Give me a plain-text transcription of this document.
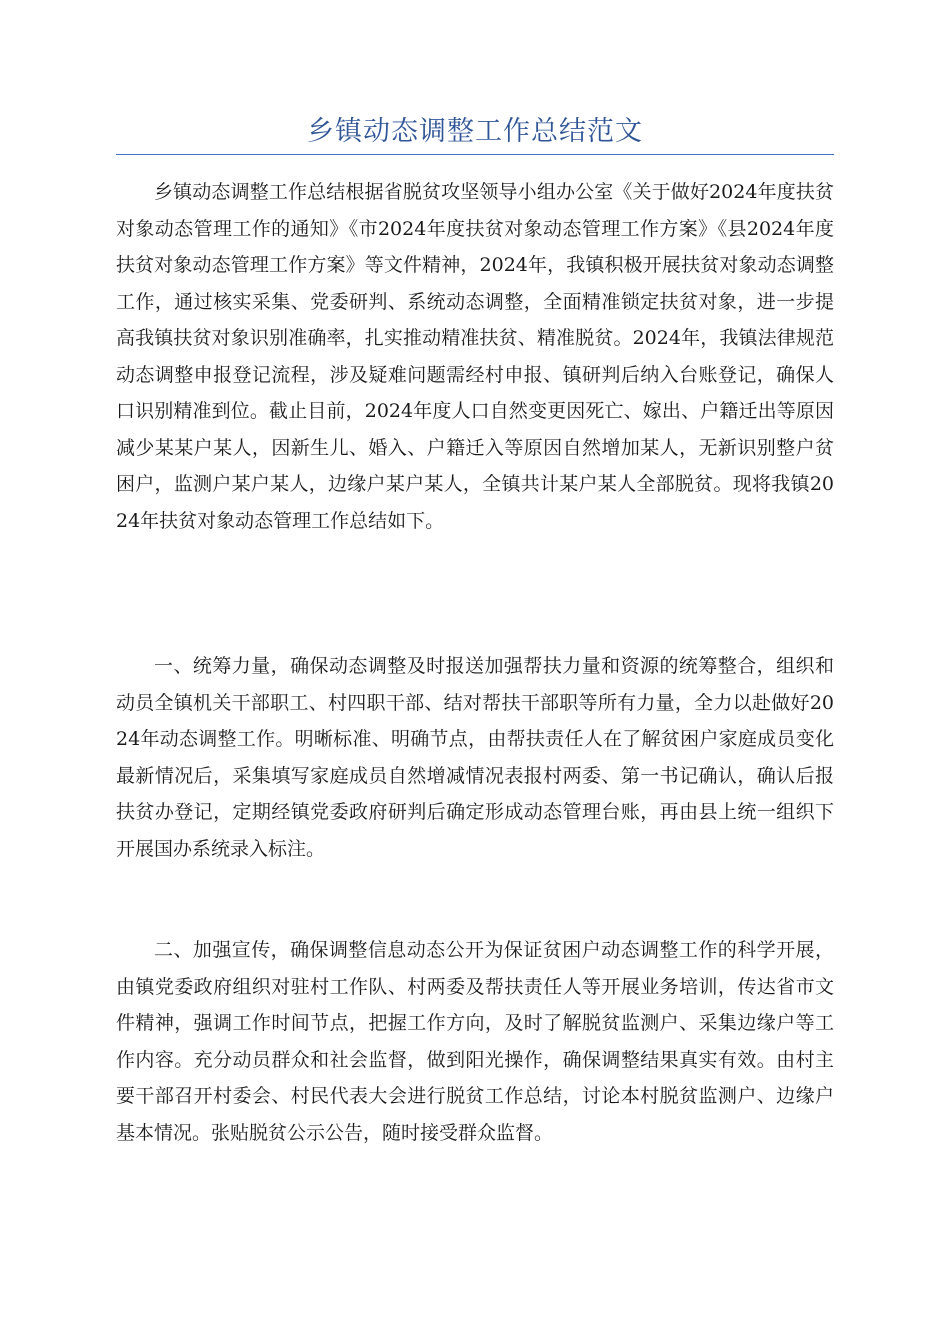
乡镇动态调整工作总结范文

乡镇动态调整工作总结根据省脱贫攻坚领导小组办公室《关于做好2024年度扶贫对象动态管理工作的通知》《市2024年度扶贫对象动态管理工作方案》《县2024年度扶贫对象动态管理工作方案》等文件精神，2024年，我镇积极开展扶贫对象动态调整工作，通过核实采集、党委研判、系统动态调整，全面精准锁定扶贫对象，进一步提高我镇扶贫对象识别准确率，扎实推动精准扶贫、精准脱贫。2024年，我镇法律规范动态调整申报登记流程，涉及疑难问题需经村申报、镇研判后纳入台账登记，确保人口识别精准到位。截止目前，2024年度人口自然变更因死亡、嫁出、户籍迁出等原因减少某某户某人，因新生儿、婚入、户籍迁入等原因自然增加某人，无新识别整户贫困户，监测户某户某人，边缘户某户某人，全镇共计某户某人全部脱贫。现将我镇2024年扶贫对象动态管理工作总结如下。

一、统筹力量，确保动态调整及时报送加强帮扶力量和资源的统筹整合，组织和动员全镇机关干部职工、村四职干部、结对帮扶干部职等所有力量，全力以赴做好2024年动态调整工作。明晰标准、明确节点，由帮扶责任人在了解贫困户家庭成员变化最新情况后，采集填写家庭成员自然增减情况表报村两委、第一书记确认，确认后报扶贫办登记，定期经镇党委政府研判后确定形成动态管理台账，再由县上统一组织下开展国办系统录入标注。

二、加强宣传，确保调整信息动态公开为保证贫困户动态调整工作的科学开展，由镇党委政府组织对驻村工作队、村两委及帮扶责任人等开展业务培训，传达省市文件精神，强调工作时间节点，把握工作方向，及时了解脱贫监测户、采集边缘户等工作内容。充分动员群众和社会监督，做到阳光操作，确保调整结果真实有效。由村主要干部召开村委会、村民代表大会进行脱贫工作总结，讨论本村脱贫监测户、边缘户基本情况。张贴脱贫公示公告，随时接受群众监督。
